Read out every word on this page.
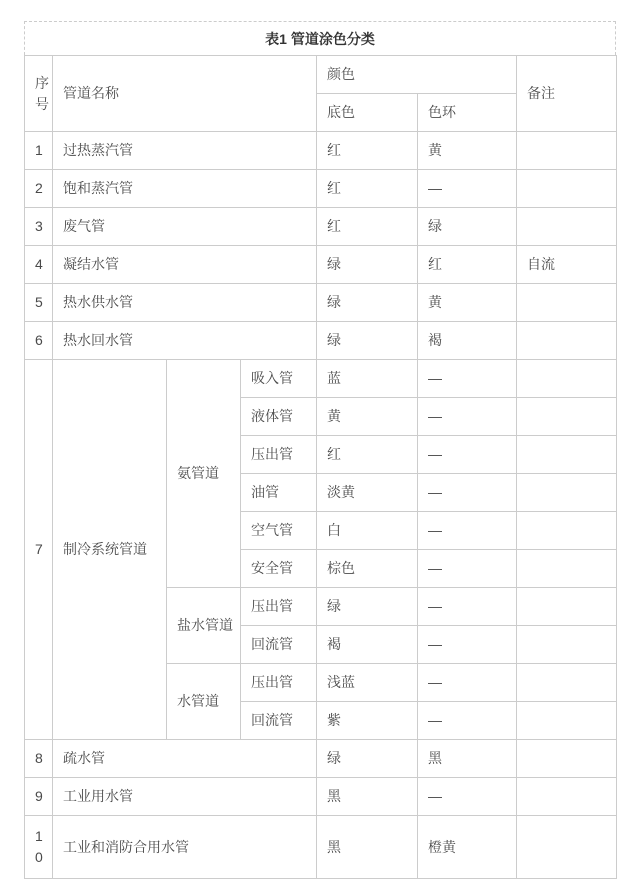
表1 管道涂色分类
序号	管道名称			颜色		备注
				底色	色环	
1	过热蒸汽管			红	黄	
2	饱和蒸汽管			红	—	
3	废气管			红	绿	
4	凝结水管			绿	红	自流
5	热水供水管			绿	黄	
6	热水回水管			绿	褐	
7	制冷系统管道	氨管道	吸入管	蓝	—	
			液体管	黄	—	
			压出管	红	—	
			油管	淡黄	—	
			空气管	白	—	
			安全管	棕色	—	
		盐水管道	压出管	绿	—	
			回流管	褐	—	
		水管道	压出管	浅蓝	—	
			回流管	紫	—	
8	疏水管			绿	黑	
9	工业用水管			黑	—	
10	工业和消防合用水管			黑	橙黄	
